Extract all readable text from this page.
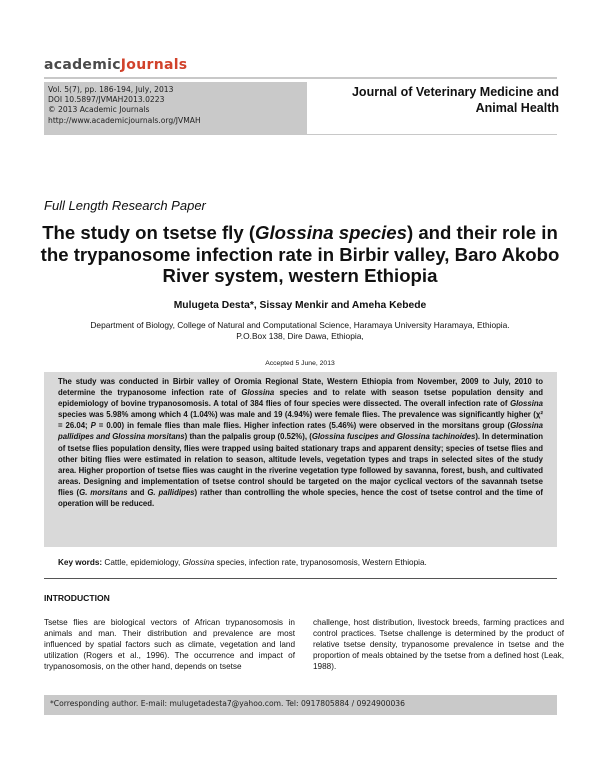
academicJournals
Vol. 5(7), pp. 186-194, July, 2013
DOI 10.5897/JVMAH2013.0223
© 2013 Academic Journals
http://www.academicjournals.org/JVMAH
Journal of Veterinary Medicine and Animal Health
Full Length Research Paper
The study on tsetse fly (Glossina species) and their role in the trypanosome infection rate in Birbir valley, Baro Akobo River system, western Ethiopia
Mulugeta Desta*, Sissay Menkir and Ameha Kebede
Department of Biology, College of Natural and Computational Science, Haramaya University Haramaya, Ethiopia.
P.O.Box 138, Dire Dawa, Ethiopia,
Accepted 5 June, 2013

The study was conducted in Birbir valley of Oromia Regional State, Western Ethiopia from November, 2009 to July, 2010 to determine the trypanosome infection rate of Glossina species and to relate with season tsetse population density and epidemiology of bovine trypanosomosis. A total of 384 flies of four species were dissected. The overall infection rate of Glossina species was 5.98% among which 4 (1.04%) was male and 19 (4.94%) were female flies. The prevalence was significantly higher (χ² = 26.04; P = 0.00) in female flies than male flies. Higher infection rates (5.46%) were observed in the morsitans group (Glossina pallidipes and Glossina morsitans) than the palpalis group (0.52%), (Glossina fuscipes and Glossina tachinoides). In determination of tsetse flies population density, flies were trapped using baited stationary traps and apparent density; species of tsetse flies and other biting flies were estimated in relation to season, altitude levels, vegetation types and traps in selected sites of the study area. Higher proportion of tsetse flies was caught in the riverine vegetation type followed by savanna, forest, bush, and cultivated areas. Designing and implementation of tsetse control should be targeted on the major cyclical vectors of the savannah tsetse flies (G. morsitans and G. pallidipes) rather than controlling the whole species, hence the cost of tsetse control and the time of operation will be reduced.

Key words: Cattle, epidemiology, Glossina species, infection rate, trypanosomosis, Western Ethiopia.
INTRODUCTION

Tsetse flies are biological vectors of African trypanosomosis in animals and man. Their distribution and prevalence are most influenced by spatial factors such as climate, vegetation and land utilization (Rogers et al., 1996). The occurrence and impact of trypanosomosis, on the other hand, depends on tsetse

challenge, host distribution, livestock breeds, farming practices and control practices. Tsetse challenge is determined by the product of relative tsetse density, trypanosome prevalence in tsetse and the proportion of meals obtained by the tsetse from a defined host (Leak, 1988).

*Corresponding author. E-mail: mulugetadesta7@yahoo.com. Tel: 0917805884 / 0924900036
